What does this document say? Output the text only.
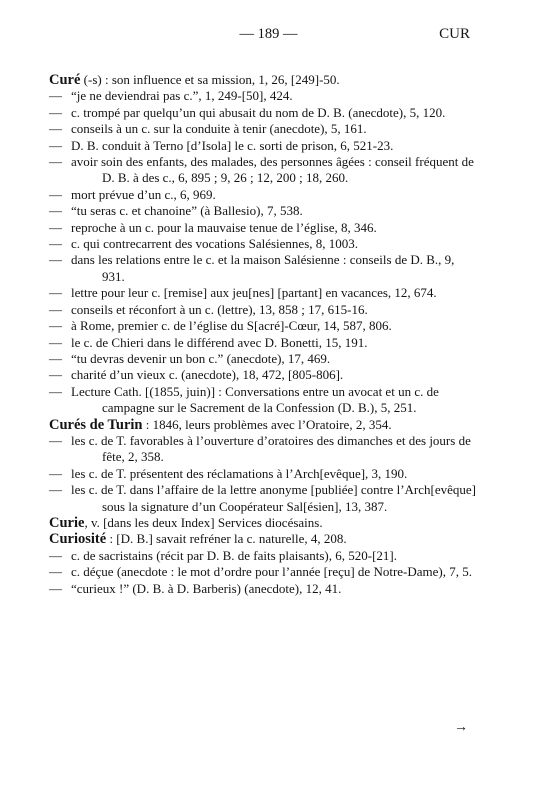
— 189 —	CUR

Curé (-s) : son influence et sa mission, 1, 26, [249]-50.

— “je ne deviendrai pas c.”, 1, 249-[50], 424.

— c. trompé par quelqu’un qui abusait du nom de D. B. (anecdote), 5, 120.

— conseils à un c. sur la conduite à tenir (anecdote), 5, 161.

— D. B. conduit à Terno [d’Isola] le c. sorti de prison, 6, 521-23.

— avoir soin des enfants, des malades, des personnes âgées : conseil fréquent de D. B. à des c., 6, 895 ; 9, 26 ; 12, 200 ; 18, 260.

— mort prévue d’un c., 6, 969.

— “tu seras c. et chanoine” (à Ballesio), 7, 538.

— reproche à un c. pour la mauvaise tenue de l’église, 8, 346.

— c. qui contrecarrent des vocations Salésiennes, 8, 1003.

— dans les relations entre le c. et la maison Salésienne : conseils de D. B., 9, 931.

— lettre pour leur c. [remise] aux jeu[nes] [partant] en vacances, 12, 674.

— conseils et réconfort à un c. (lettre), 13, 858 ; 17, 615-16.

— à Rome, premier c. de l’église du S[acré]-Cœur, 14, 587, 806.

— le c. de Chieri dans le différend avec D. Bonetti, 15, 191.

— “tu devras devenir un bon c.” (anecdote), 17, 469.

— charité d’un vieux c. (anecdote), 18, 472, [805-806].

— Lecture Cath. [(1855, juin)] : Conversations entre un avocat et un c. de campagne sur le Sacrement de la Confession (D. B.), 5, 251.

Curés de Turin : 1846, leurs problèmes avec l’Oratoire, 2, 354.

— les c. de T. favorables à l’ouverture d’oratoires des dimanches et des jours de fête, 2, 358.

— les c. de T. présentent des réclamations à l’Arch[evêque], 3, 190.

— les c. de T. dans l’affaire de la lettre anonyme [publiée] contre l’Arch[evêque] sous la signature d’un Coopérateur Sal[ésien], 13, 387.

Curie, v. [dans les deux Index] Services diocésains.

Curiosité : [D. B.] savait refréner la c. naturelle, 4, 208.

— c. de sacristains (récit par D. B. de faits plaisants), 6, 520-[21].

— c. déçue (anecdote : le mot d’ordre pour l’année [reçu] de Notre-Dame), 7, 5.

— “curieux !” (D. B. à D. Barberis) (anecdote), 12, 41.

→
